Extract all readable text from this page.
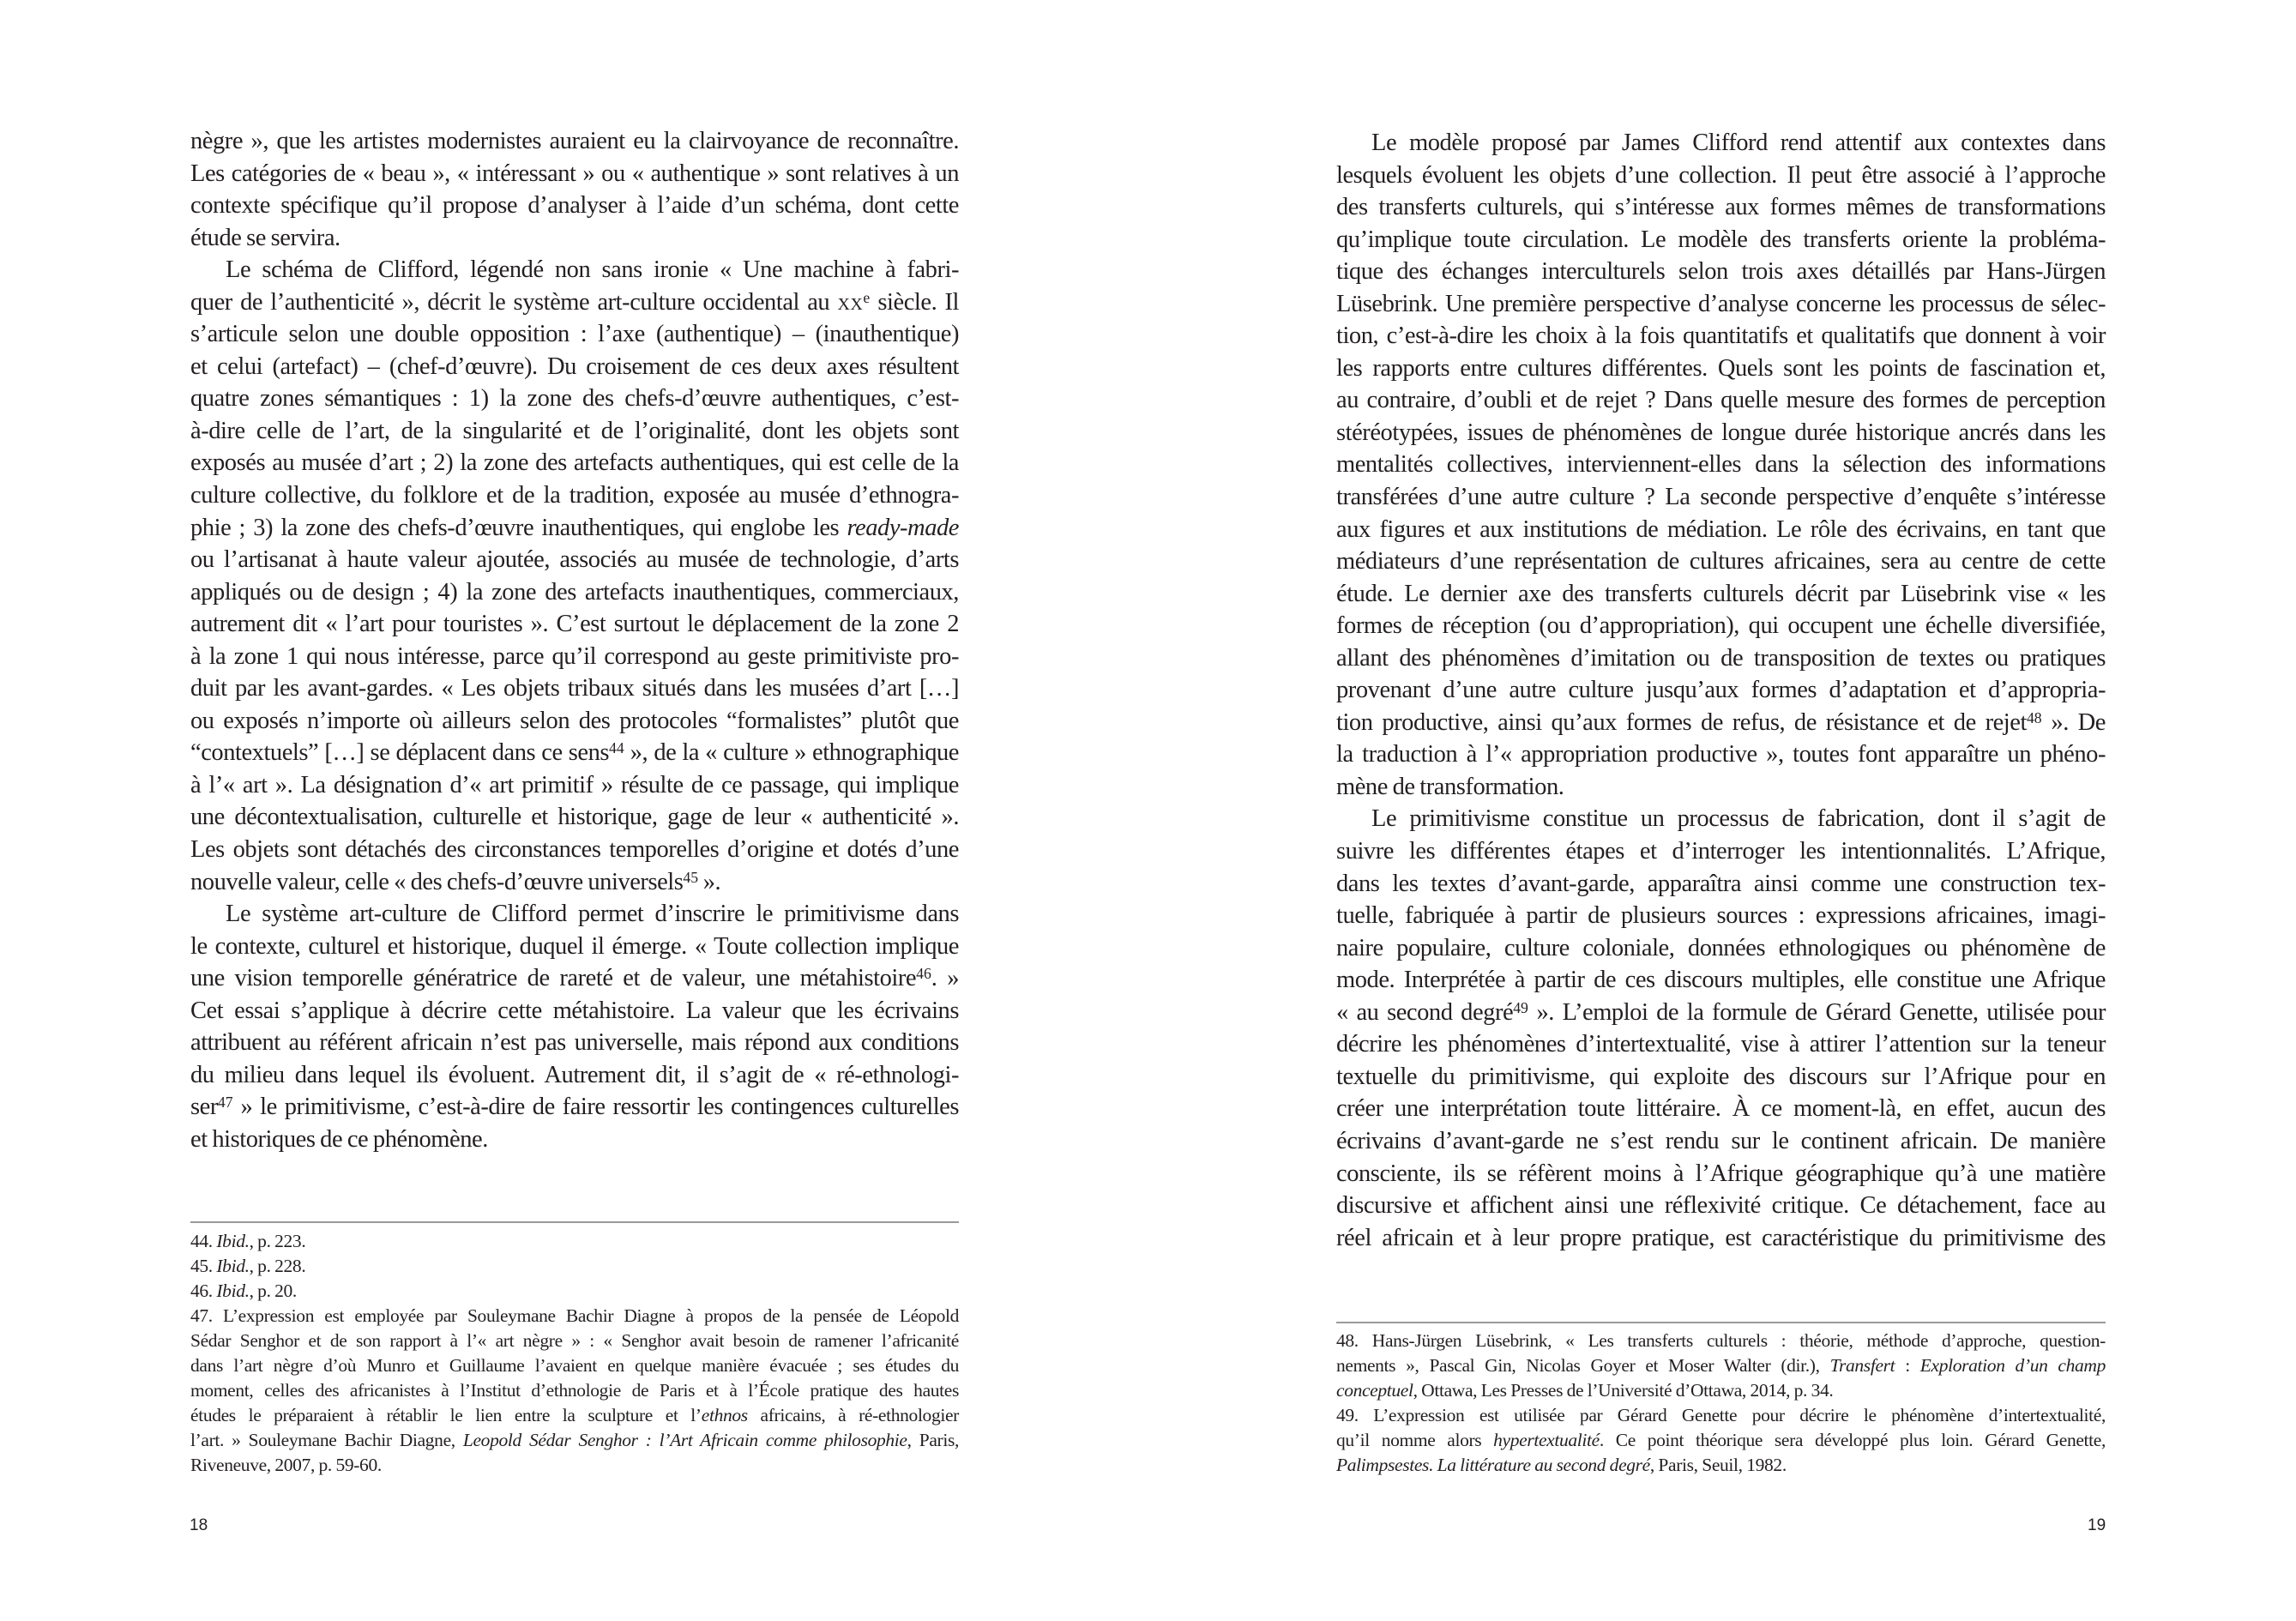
nègre », que les artistes modernistes auraient eu la clairvoyance de reconnaître.
Les catégories de « beau », « intéressant » ou « authentique » sont relatives à un
contexte spécifique qu’il propose d’analyser à l’aide d’un schéma, dont cette
étude se servira.
Le schéma de Clifford, légendé non sans ironie « Une machine à fabri-
quer de l’authenticité », décrit le système art-culture occidental au $xx^e$ siècle. Il
s’articule selon une double opposition : l’axe (authentique) – (inauthentique)
et celui (artefact) – (chef-d’œuvre). Du croisement de ces deux axes résultent
quatre zones sémantiques : 1) la zone des chefs-d’œuvre authentiques, c’est-
à-dire celle de l’art, de la singularité et de l’originalité, dont les objets sont
exposés au musée d’art ; 2) la zone des artefacts authentiques, qui est celle de la
culture collective, du folklore et de la tradition, exposée au musée d’ethnogra-
phie ; 3) la zone des chefs-d’œuvre inauthentiques, qui englobe les ready-made
ou l’artisanat à haute valeur ajoutée, associés au musée de technologie, d’arts
appliqués ou de design ; 4) la zone des artefacts inauthentiques, commerciaux,
autrement dit « l’art pour touristes ». C’est surtout le déplacement de la zone 2
à la zone 1 qui nous intéresse, parce qu’il correspond au geste primitiviste pro-
duit par les avant-gardes. « Les objets tribaux situés dans les musées d’art […]
ou exposés n’importe où ailleurs selon des protocoles “formalistes” plutôt que
“contextuels” […] se déplacent dans ce sens$^{44}$ », de la « culture » ethnographique
à l’« art ». La désignation d’« art primitif » résulte de ce passage, qui implique
une décontextualisation, culturelle et historique, gage de leur « authenticité ».
Les objets sont détachés des circonstances temporelles d’origine et dotés d’une
nouvelle valeur, celle « des chefs-d’œuvre universels$^{45}$ ».
Le système art-culture de Clifford permet d’inscrire le primitivisme dans
le contexte, culturel et historique, duquel il émerge. « Toute collection implique
une vision temporelle génératrice de rareté et de valeur, une métahistoire$^{46}$. »
Cet essai s’applique à décrire cette métahistoire. La valeur que les écrivains
attribuent au référent africain n’est pas universelle, mais répond aux conditions
du milieu dans lequel ils évoluent. Autrement dit, il s’agit de « ré-ethnologi-
ser$^{47}$ » le primitivisme, c’est-à-dire de faire ressortir les contingences culturelles
et historiques de ce phénomène.
44. Ibid., p. 223.
45. Ibid., p. 228.
46. Ibid., p. 20.
47. L’expression est employée par Souleymane Bachir Diagne à propos de la pensée de Léopold
Sédar Senghor et de son rapport à l’« art nègre » : « Senghor avait besoin de ramener l’africanité
dans l’art nègre d’où Munro et Guillaume l’avaient en quelque manière évacuée ; ses études du
moment, celles des africanistes à l’Institut d’ethnologie de Paris et à l’École pratique des hautes
études le préparaient à rétablir le lien entre la sculpture et l’ethnos africains, à ré-ethnologier
l’art. » Souleymane Bachir Diagne, Leopold Sédar Senghor : l’Art Africain comme philosophie, Paris,
Riveneuve, 2007, p. 59-60.
18
Le modèle proposé par James Clifford rend attentif aux contextes dans
lesquels évoluent les objets d’une collection. Il peut être associé à l’approche
des transferts culturels, qui s’intéresse aux formes mêmes de transformations
qu’implique toute circulation. Le modèle des transferts oriente la probléma-
tique des échanges interculturels selon trois axes détaillés par Hans-Jürgen
Lüsebrink. Une première perspective d’analyse concerne les processus de sélec-
tion, c’est-à-dire les choix à la fois quantitatifs et qualitatifs que donnent à voir
les rapports entre cultures différentes. Quels sont les points de fascination et,
au contraire, d’oubli et de rejet ? Dans quelle mesure des formes de perception
stéréotypées, issues de phénomènes de longue durée historique ancrés dans les
mentalités collectives, interviennent-elles dans la sélection des informations
transférées d’une autre culture ? La seconde perspective d’enquête s’intéresse
aux figures et aux institutions de médiation. Le rôle des écrivains, en tant que
médiateurs d’une représentation de cultures africaines, sera au centre de cette
étude. Le dernier axe des transferts culturels décrit par Lüsebrink vise « les
formes de réception (ou d’appropriation), qui occupent une échelle diversifiée,
allant des phénomènes d’imitation ou de transposition de textes ou pratiques
provenant d’une autre culture jusqu’aux formes d’adaptation et d’appropria-
tion productive, ainsi qu’aux formes de refus, de résistance et de rejet$^{48}$ ». De
la traduction à l’« appropriation productive », toutes font apparaître un phéno-
mène de transformation.
Le primitivisme constitue un processus de fabrication, dont il s’agit de
suivre les différentes étapes et d’interroger les intentionnalités. L’Afrique,
dans les textes d’avant-garde, apparaîtra ainsi comme une construction tex-
tuelle, fabriquée à partir de plusieurs sources : expressions africaines, imagi-
naire populaire, culture coloniale, données ethnologiques ou phénomène de
mode. Interprétée à partir de ces discours multiples, elle constitue une Afrique
« au second degré$^{49}$ ». L’emploi de la formule de Gérard Genette, utilisée pour
décrire les phénomènes d’intertextualité, vise à attirer l’attention sur la teneur
textuelle du primitivisme, qui exploite des discours sur l’Afrique pour en
créer une interprétation toute littéraire. À ce moment-là, en effet, aucun des
écrivains d’avant-garde ne s’est rendu sur le continent africain. De manière
consciente, ils se réfèrent moins à l’Afrique géographique qu’à une matière
discursive et affichent ainsi une réflexivité critique. Ce détachement, face au
réel africain et à leur propre pratique, est caractéristique du primitivisme des
48. Hans-Jürgen Lüsebrink, « Les transferts culturels : théorie, méthode d’approche, question-
nements », Pascal Gin, Nicolas Goyer et Moser Walter (dir.), Transfert : Exploration d’un champ
conceptuel, Ottawa, Les Presses de l’Université d’Ottawa, 2014, p. 34.
49. L’expression est utilisée par Gérard Genette pour décrire le phénomène d’intertextualité,
qu’il nomme alors hypertextualité. Ce point théorique sera développé plus loin. Gérard Genette,
Palimpsestes. La littérature au second degré, Paris, Seuil, 1982.
19
